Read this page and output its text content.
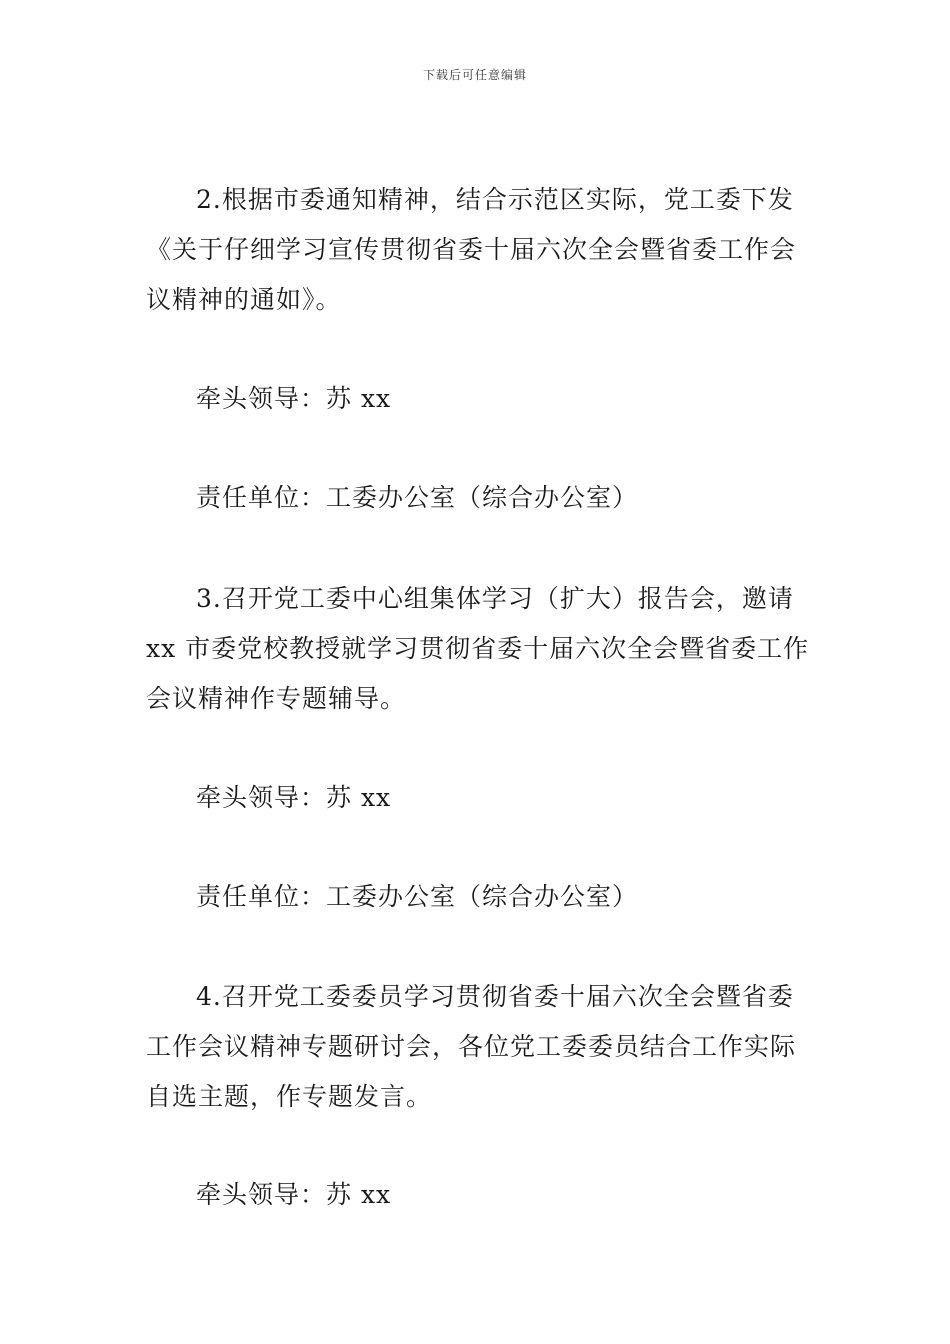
下载后可任意编辑
2.根据市委通知精神，结合示范区实际，党工委下发
《关于仔细学习宣传贯彻省委十届六次全会暨省委工作会
议精神的通如》。
牵头领导：苏 xx
责任单位：工委办公室（综合办公室）
3.召开党工委中心组集体学习（扩大）报告会，邀请
xx 市委党校教授就学习贯彻省委十届六次全会暨省委工作
会议精神作专题辅导。
牵头领导：苏 xx
责任单位：工委办公室（综合办公室）
4.召开党工委委员学习贯彻省委十届六次全会暨省委
工作会议精神专题研讨会，各位党工委委员结合工作实际
自选主题，作专题发言。
牵头领导：苏 xx
